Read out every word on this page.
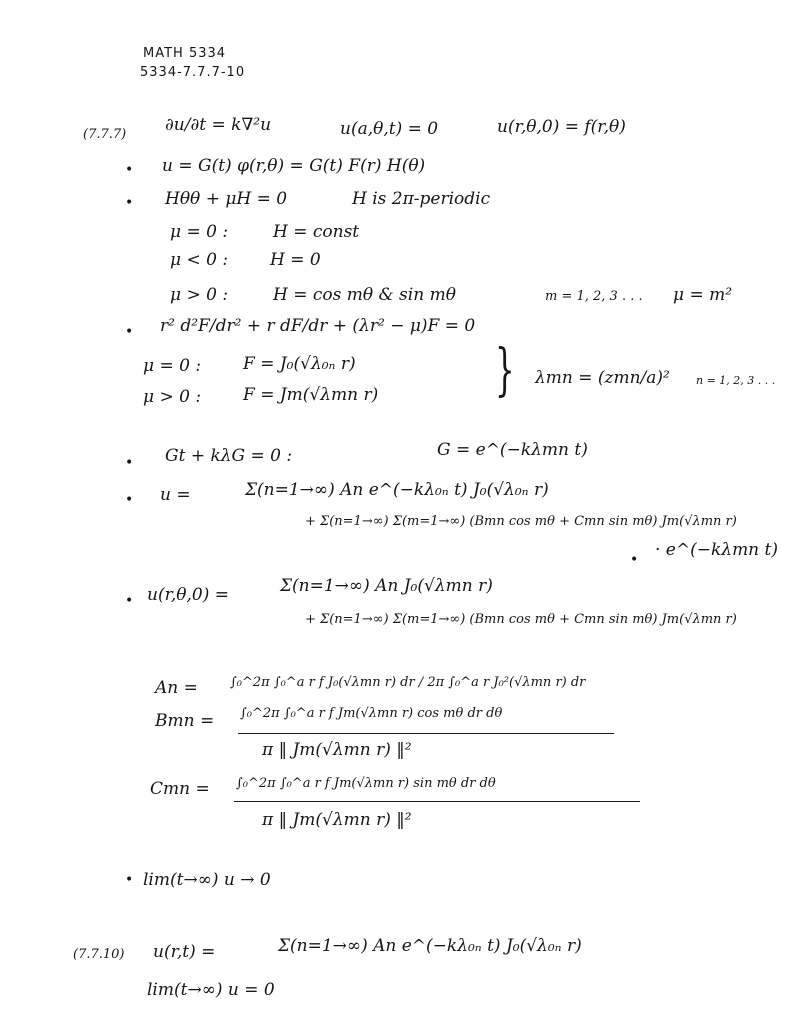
MATH 5334
5334-7.7.7-10
(7.7.7) ∂u/∂t = k∇²u	u(a,θ,t) = 0	u(r,θ,0) = f(r,θ)
• u = G(t) φ(r,θ) = G(t) F(r) H(θ)
• Hθθ + μH = 0	H is 2π-periodic
μ = 0 :	H = const
μ < 0 : H = 0
μ > 0 :	H = cos mθ & sin mθ	m = 1, 2, 3 . . . μ = m²
• r² d²F/dr² + r dF/dr + (λr² − μ)F = 0
μ = 0 : F = J₀(√λ₀ₙ r)
μ > 0 : F = Jm(√λmn r) } λmn = (zmn/a)² n = 1, 2, 3 . . .
• Gt + kλG = 0 :	G = e^(−kλmn t)
• u =	Σ(n=1→∞) An e^(−kλ₀ₙ t) J₀(√λ₀ₙ r)
+ Σ(n=1→∞) Σ(m=1→∞) (Bmn cos mθ + Cmn sin mθ) Jm(√λmn r)
• · e^(−kλmn t)
• u(r,θ,0) =	Σ(n=1→∞) An J₀(√λmn r)
+ Σ(n=1→∞) Σ(m=1→∞) (Bmn cos mθ + Cmn sin mθ) Jm(√λmn r)
An = ∫₀^2π ∫₀^a r f J₀(√λmn r) dr / 2π ∫₀^a r J₀²(√λmn r) dr
Bmn = ∫₀^2π ∫₀^a r f Jm(√λmn r) cos mθ dr dθ
π ‖ Jm(√λmn r) ‖²
Cmn = ∫₀^2π ∫₀^a r f Jm(√λmn r) sin mθ dr dθ
π ‖ Jm(√λmn r) ‖²
• lim(t→∞) u → 0
(7.7.10) u(r,t) =	Σ(n=1→∞) An e^(−kλ₀ₙ t) J₀(√λ₀ₙ r)
lim(t→∞) u = 0
